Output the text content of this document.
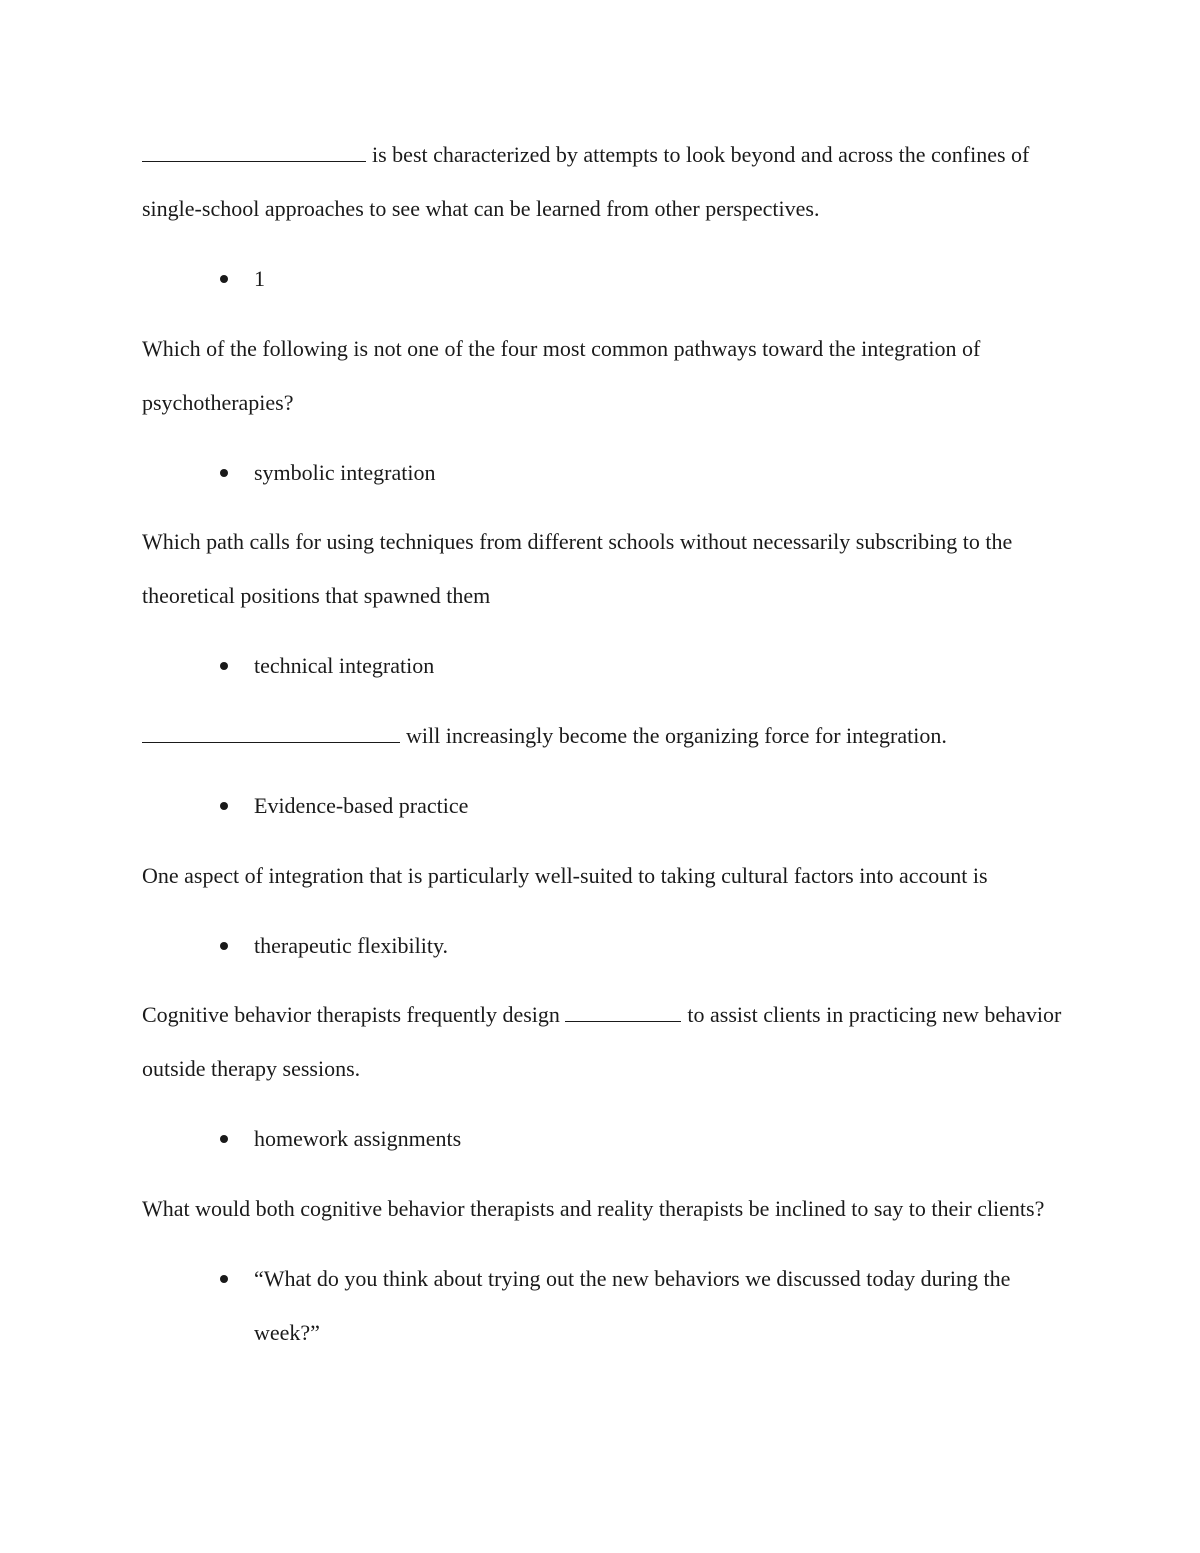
is best characterized by attempts to look beyond and across the confines of single-school approaches to see what can be learned from other perspectives.

1

Which of the following is not one of the four most common pathways toward the integration of psychotherapies?

symbolic integration

Which path calls for using techniques from different schools without necessarily subscribing to the theoretical positions that spawned them

technical integration

will increasingly become the organizing force for integration.

Evidence-based practice

One aspect of integration that is particularly well-suited to taking cultural factors into account is

therapeutic flexibility.

Cognitive behavior therapists frequently design	to assist clients in practicing new behavior outside therapy sessions.

homework assignments

What would both cognitive behavior therapists and reality therapists be inclined to say to their clients?

“What do you think about trying out the new behaviors we discussed today during the week?”
